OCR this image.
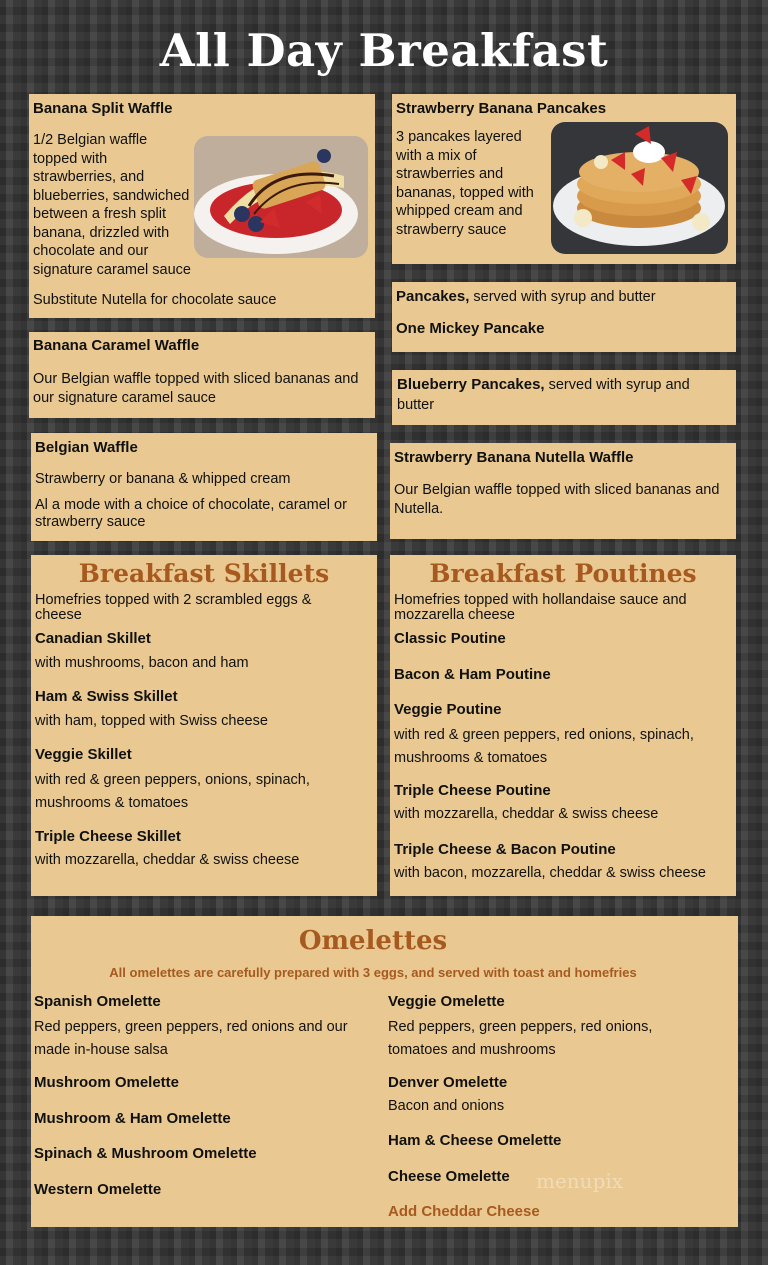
All Day Breakfast

Banana Split Waffle

1/2 Belgian waffle topped with strawberries, and blueberries, sandwiched between a fresh split banana, drizzled with chocolate and our signature caramel sauce

Substitute Nutella for chocolate sauce

Strawberry Banana Pancakes

3 pancakes layered with a mix of strawberries and bananas, topped with whipped cream and strawberry sauce

Pancakes, served with syrup and butter

One Mickey Pancake

Banana Caramel Waffle

Our Belgian waffle topped with sliced bananas and our signature caramel sauce

Blueberry Pancakes, served with syrup and butter

Belgian Waffle

Strawberry or banana & whipped cream

Al a mode with a choice of chocolate, caramel or strawberry sauce

Strawberry Banana Nutella Waffle

Our Belgian waffle topped with sliced bananas and Nutella.

Breakfast Skillets

Homefries topped with 2 scrambled eggs & cheese

Canadian Skillet

with mushrooms, bacon and ham

Ham & Swiss Skillet

with ham, topped with Swiss cheese

Veggie Skillet

with red & green peppers, onions, spinach, mushrooms & tomatoes

Triple Cheese Skillet

with mozzarella, cheddar & swiss cheese

Breakfast Poutines

Homefries topped with hollandaise sauce and mozzarella cheese

Classic Poutine

Bacon & Ham Poutine

Veggie Poutine

with red & green peppers, red onions, spinach, mushrooms & tomatoes

Triple Cheese Poutine

with mozzarella, cheddar & swiss cheese

Triple Cheese & Bacon Poutine

with bacon, mozzarella, cheddar & swiss cheese

Omelettes

All omelettes are carefully prepared with 3 eggs, and served with toast and homefries

Spanish Omelette

Red peppers, green peppers, red onions and our made in-house salsa

Mushroom Omelette

Mushroom & Ham Omelette

Spinach & Mushroom Omelette

Western Omelette

Veggie Omelette

Red peppers, green peppers, red onions, tomatoes and mushrooms

Denver Omelette

Bacon and onions

Ham & Cheese Omelette

Cheese Omelette

Add Cheddar Cheese

menupix
